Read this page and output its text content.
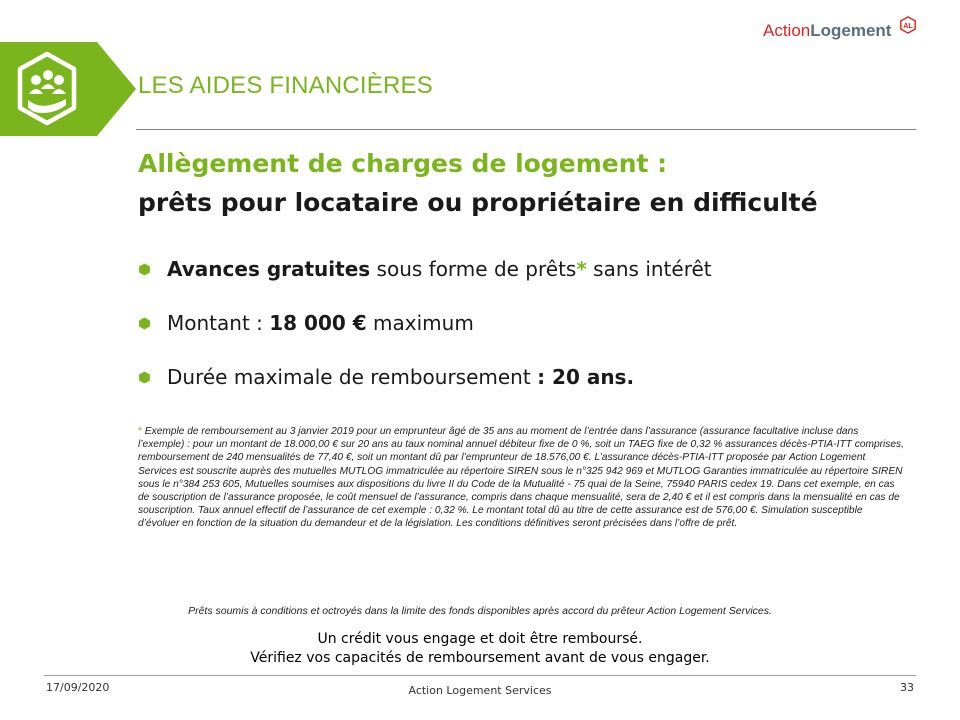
Action Logement AL
LES AIDES FINANCIÈRES
Allègement de charges de logement :
prêts pour locataire ou propriétaire en difficulté
Avances gratuites sous forme de prêts* sans intérêt
Montant : 18 000 € maximum
Durée maximale de remboursement : 20 ans.
* Exemple de remboursement au 3 janvier 2019 pour un emprunteur âgé de 35 ans au moment de l’entrée dans l’assurance (assurance facultative incluse dans l’exemple) : pour un montant de 18.000,00 € sur 20 ans au taux nominal annuel débiteur fixe de 0 %, soit un TAEG fixe de 0,32 % assurances décès-PTIA-ITT comprises, remboursement de 240 mensualités de 77,40 €, soit un montant dû par l’emprunteur de 18.576,00 €. L’assurance décès-PTIA-ITT proposée par Action Logement Services est souscrite auprès des mutuelles MUTLOG immatriculée au répertoire SIREN sous le n°325 942 969 et MUTLOG Garanties immatriculée au répertoire SIREN sous le n°384 253 605, Mutuelles soumises aux dispositions du livre II du Code de la Mutualité - 75 quai de la Seine, 75940 PARIS cedex 19. Dans cet exemple, en cas de souscription de l’assurance proposée, le coût mensuel de l’assurance, compris dans chaque mensualité, sera de 2,40 € et il est compris dans la mensualité en cas de souscription. Taux annuel effectif de l’assurance de cet exemple : 0,32 %. Le montant total dû au titre de cette assurance est de 576,00 €. Simulation susceptible d’évoluer en fonction de la situation du demandeur et de la législation. Les conditions définitives seront précisées dans l’offre de prêt.
Prêts soumis à conditions et octroyés dans la limite des fonds disponibles après accord du prêteur Action Logement Services.
Un crédit vous engage et doit être remboursé.
Vérifiez vos capacités de remboursement avant de vous engager.
17/09/2020	Action Logement Services	33
